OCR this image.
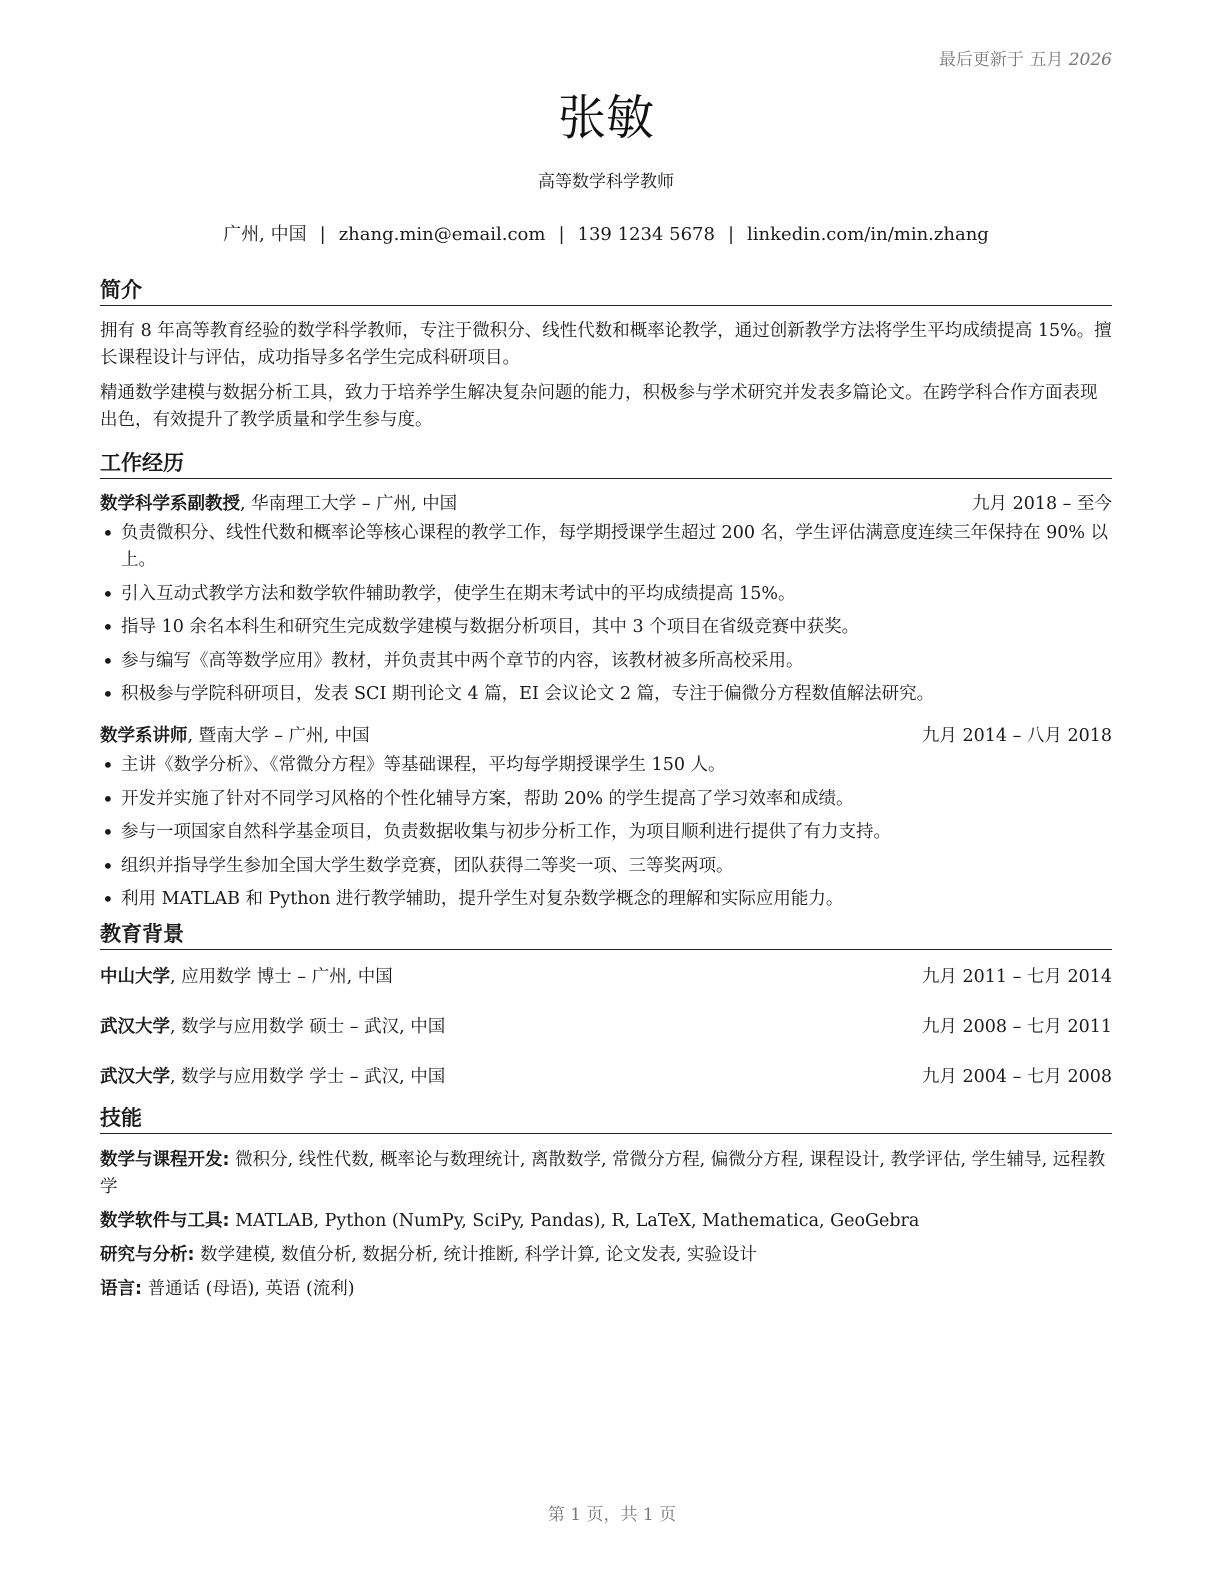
最后更新于 五月 2026
张敏
高等数学科学教师
广州, 中国 | zhang.min@email.com | 139 1234 5678 | linkedin.com/in/min.zhang
简介

拥有 8 年高等教育经验的数学科学教师，专注于微积分、线性代数和概率论教学，通过创新教学方法将学生平均成绩提高 15%。擅长课程设计与评估，成功指导多名学生完成科研项目。

精通数学建模与数据分析工具，致力于培养学生解决复杂问题的能力，积极参与学术研究并发表多篇论文。在跨学科合作方面表现出色，有效提升了教学质量和学生参与度。

工作经历
数学科学系副教授, 华南理工大学 – 广州, 中国	九月 2018 – 至今
• 负责微积分、线性代数和概率论等核心课程的教学工作，每学期授课学生超过 200 名，学生评估满意度连续三年保持在 90% 以上。
• 引入互动式教学方法和数学软件辅助教学，使学生在期末考试中的平均成绩提高 15%。
• 指导 10 余名本科生和研究生完成数学建模与数据分析项目，其中 3 个项目在省级竞赛中获奖。
• 参与编写《高等数学应用》教材，并负责其中两个章节的内容，该教材被多所高校采用。
• 积极参与学院科研项目，发表 SCI 期刊论文 4 篇，EI 会议论文 2 篇，专注于偏微分方程数值解法研究。
数学系讲师, 暨南大学 – 广州, 中国	九月 2014 – 八月 2018
• 主讲《数学分析》、《常微分方程》等基础课程，平均每学期授课学生 150 人。
• 开发并实施了针对不同学习风格的个性化辅导方案，帮助 20% 的学生提高了学习效率和成绩。
• 参与一项国家自然科学基金项目，负责数据收集与初步分析工作，为项目顺利进行提供了有力支持。
• 组织并指导学生参加全国大学生数学竞赛，团队获得二等奖一项、三等奖两项。
• 利用 MATLAB 和 Python 进行教学辅助，提升学生对复杂数学概念的理解和实际应用能力。
教育背景
中山大学, 应用数学 博士 – 广州, 中国	九月 2011 – 七月 2014
武汉大学, 数学与应用数学 硕士 – 武汉, 中国	九月 2008 – 七月 2011
武汉大学, 数学与应用数学 学士 – 武汉, 中国	九月 2004 – 七月 2008
技能
数学与课程开发: 微积分, 线性代数, 概率论与数理统计, 离散数学, 常微分方程, 偏微分方程, 课程设计, 教学评估, 学生辅导, 远程教学
数学软件与工具: MATLAB, Python (NumPy, SciPy, Pandas), R, LaTeX, Mathematica, GeoGebra
研究与分析: 数学建模, 数值分析, 数据分析, 统计推断, 科学计算, 论文发表, 实验设计
语言: 普通话 (母语), 英语 (流利)
第 1 页，共 1 页
